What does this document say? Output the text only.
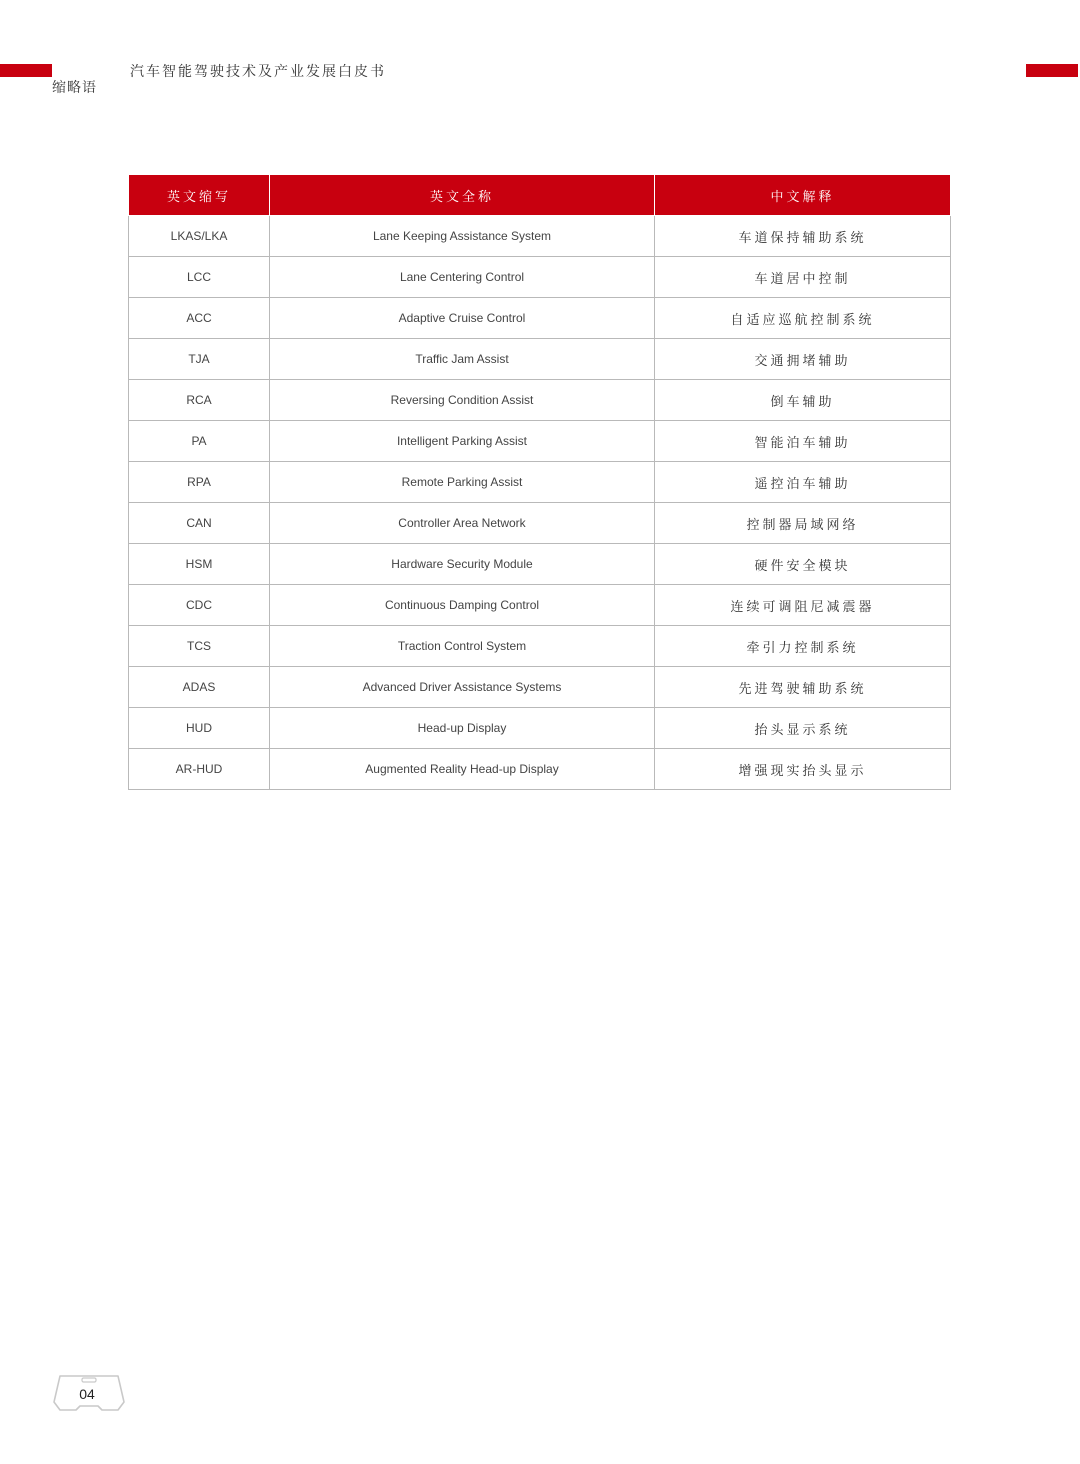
汽车智能驾驶技术及产业发展白皮书
缩略语
英文缩写	英文全称	中文解释
LKAS/LKA	Lane Keeping Assistance System	车道保持辅助系统
LCC	Lane Centering Control	车道居中控制
ACC	Adaptive Cruise Control	自适应巡航控制系统
TJA	Traffic Jam Assist	交通拥堵辅助
RCA	Reversing Condition Assist	倒车辅助
PA	Intelligent Parking Assist	智能泊车辅助
RPA	Remote Parking Assist	遥控泊车辅助
CAN	Controller Area Network	控制器局域网络
HSM	Hardware Security Module	硬件安全模块
CDC	Continuous Damping Control	连续可调阻尼减震器
TCS	Traction Control System	牵引力控制系统
ADAS	Advanced Driver Assistance Systems	先进驾驶辅助系统
HUD	Head-up Display	抬头显示系统
AR-HUD	Augmented Reality Head-up Display	增强现实抬头显示
04
